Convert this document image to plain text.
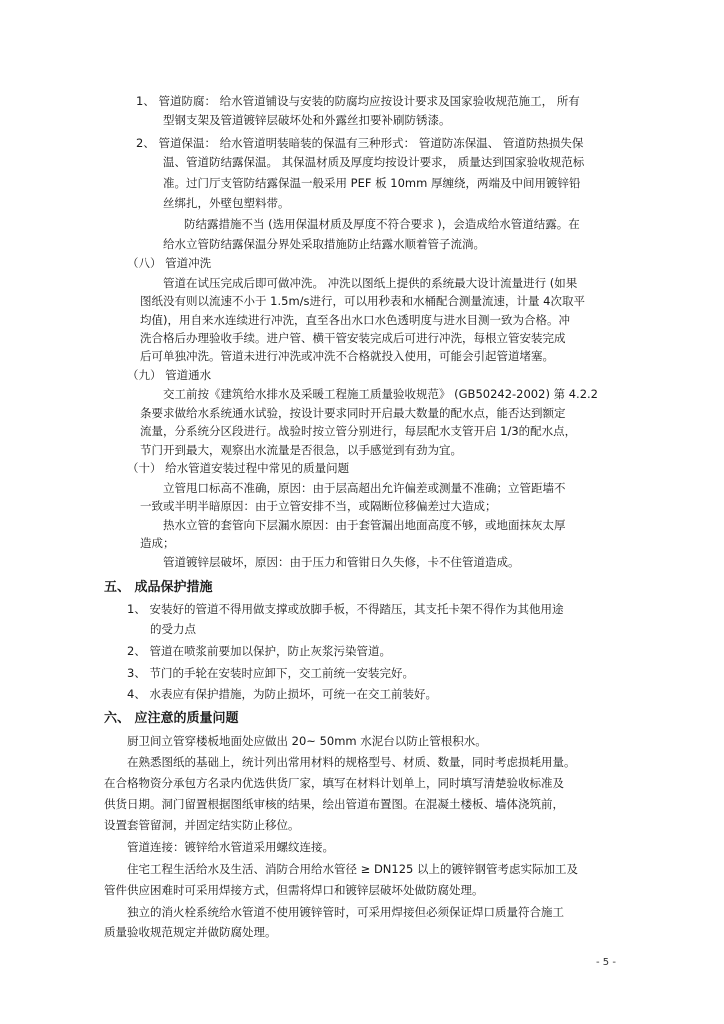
1、 管道防腐： 给水管道铺设与安装的防腐均应按设计要求及国家验收规范施工， 所有
型钢支架及管道镀锌层破坏处和外露丝扣要补刷防锈漆。
2、 管道保温： 给水管道明装暗装的保温有三种形式： 管道防冻保温、 管道防热损失保
温、管道防结露保温。 其保温材质及厚度均按设计要求， 质量达到国家验收规范标
准。过门厅支管防结露保温一般采用 PEF 板 10mm 厚缠绕，两端及中间用镀锌铅
丝绑扎，外壁包塑料带。
防结露措施不当 (选用保温材质及厚度不符合要求 )，会造成给水管道结露。在
给水立管防结露保温分界处采取措施防止结露水顺着管子流淌。
（八） 管道冲洗
管道在试压完成后即可做冲洗。 冲洗以图纸上提供的系统最大设计流量进行 (如果
图纸没有则以流速不小于 1.5m/s进行，可以用秒表和水桶配合测量流速，计量 4次取平
均值)，用自来水连续进行冲洗，直至各出水口水色透明度与进水目测一致为合格。冲
洗合格后办理验收手续。进户管、横干管安装完成后可进行冲洗，每根立管安装完成
后可单独冲洗。管道未进行冲洗或冲洗不合格就投入使用，可能会引起管道堵塞。
（九） 管道通水
交工前按《建筑给水排水及采暖工程施工质量验收规范》 (GB50242-2002) 第 4.2.2
条要求做给水系统通水试验，按设计要求同时开启最大数量的配水点，能否达到额定
流量，分系统分区段进行。战验时按立管分别进行，每层配水支管开启 1/3的配水点，
节门开到最大，观察出水流量是否很急，以手感觉到有劲为宜。
（十） 给水管道安装过程中常见的质量问题
立管甩口标高不准确，原因：由于层高超出允许偏差或测量不准确；立管距墙不
一致或半明半暗原因：由于立管安排不当，或隔断位移偏差过大造成；
热水立管的套管向下层漏水原因：由于套管漏出地面高度不够，或地面抹灰太厚
造成；
管道镀锌层破坏，原因：由于压力和管钳日久失修，卡不住管道造成。
五、 成品保护措施
1、 安装好的管道不得用做支撑或放脚手板，不得踏压，其支托卡架不得作为其他用途
的受力点
2、 管道在喷浆前要加以保护，防止灰浆污染管道。
3、 节门的手轮在安装时应卸下，交工前统一安装完好。
4、 水表应有保护措施，为防止损坏，可统一在交工前装好。
六、 应注意的质量问题
厨卫间立管穿楼板地面处应做出 20~ 50mm 水泥台以防止管根积水。
在熟悉图纸的基础上，统计列出常用材料的规格型号、材质、数量，同时考虑损耗用量。
在合格物资分承包方名录内优选供货厂家，填写在材料计划单上，同时填写清楚验收标准及
供货日期。洞门留置根据图纸审核的结果，绘出管道布置图。在混凝土楼板、墙体浇筑前，
设置套管留洞，并固定结实防止移位。
管道连接：镀锌给水管道采用螺纹连接。
住宅工程生活给水及生活、消防合用给水管径 ≥ DN125 以上的镀锌钢管考虑实际加工及
管件供应困难时可采用焊接方式，但需将焊口和镀锌层破坏处做防腐处理。
独立的消火栓系统给水管道不使用镀锌管时，可采用焊接但必须保证焊口质量符合施工
质量验收规范规定并做防腐处理。
- 5 -
